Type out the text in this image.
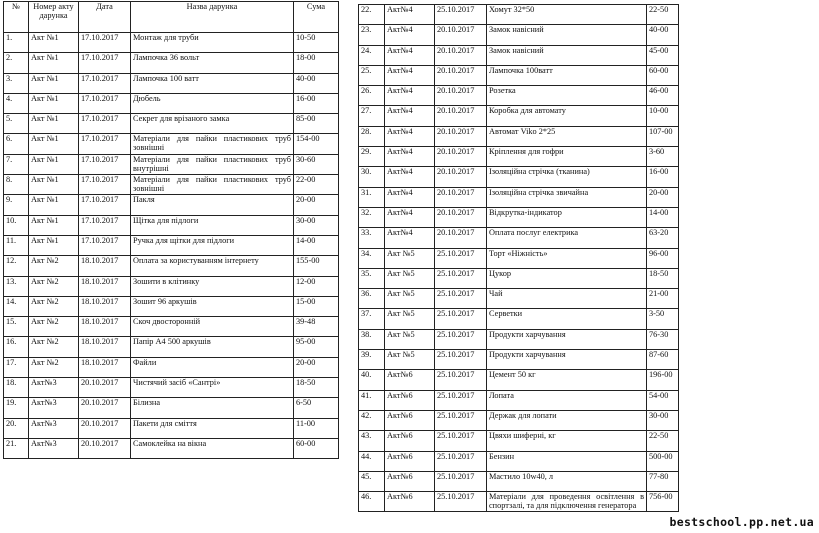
№	Номер акту дарунка	Дата	Назва дарунка	Сума
1.	Акт №1	17.10.2017	Монтаж для труби	10-50
2.	Акт №1	17.10.2017	Лампочка 36 вольт	18-00
3.	Акт №1	17.10.2017	Лампочка 100 ватт	40-00
4.	Акт №1	17.10.2017	Дюбель	16-00
5.	Акт №1	17.10.2017	Секрет для врізаного замка	85-00
6.	Акт №1	17.10.2017	Матеріали для пайки пластикових труб зовнішні	154-00
7.	Акт №1	17.10.2017	Матеріали для пайки пластикових труб внутрішні	30-60
8.	Акт №1	17.10.2017	Матеріали для пайки пластикових труб зовнішні	22-00
9.	Акт №1	17.10.2017	Пакля	20-00
10.	Акт №1	17.10.2017	Щітка для підлоги	30-00
11.	Акт №1	17.10.2017	Ручка для щітки для підлоги	14-00
12.	Акт №2	18.10.2017	Оплата за користуванням інтернету	155-00
13.	Акт №2	18.10.2017	Зошити в клітинку	12-00
14.	Акт №2	18.10.2017	Зошит 96 аркушів	15-00
15.	Акт №2	18.10.2017	Скоч двосторонній	39-48
16.	Акт №2	18.10.2017	Папір А4 500 аркушів	95-00
17.	Акт №2	18.10.2017	Файли	20-00
18.	Акт№3	20.10.2017	Чистячий засіб «Сантрі»	18-50
19.	Акт№3	20.10.2017	Білизна	6-50
20.	Акт№3	20.10.2017	Пакети для сміття	11-00
21.	Акт№3	20.10.2017	Самоклейка на вікна	60-00
22.	Акт№4	25.10.2017	Хомут 32*50	22-50
23.	Акт№4	20.10.2017	Замок навісний	40-00
24.	Акт№4	20.10.2017	Замок навісний	45-00
25.	Акт№4	20.10.2017	Лампочка 100ватт	60-00
26.	Акт№4	20.10.2017	Розетка	46-00
27.	Акт№4	20.10.2017	Коробка для автомату	10-00
28.	Акт№4	20.10.2017	Автомат Viko 2*25	107-00
29.	Акт№4	20.10.2017	Кріплення для гофри	3-60
30.	Акт№4	20.10.2017	Ізоляційна стрічка (тканина)	16-00
31.	Акт№4	20.10.2017	Ізоляційна стрічка звичайна	20-00
32.	Акт№4	20.10.2017	Відкрутка-індикатор	14-00
33.	Акт№4	20.10.2017	Оплата послуг електрика	63-20
34.	Акт №5	25.10.2017	Торт «Ніжність»	96-00
35.	Акт №5	25.10.2017	Цукор	18-50
36.	Акт №5	25.10.2017	Чай	21-00
37.	Акт №5	25.10.2017	Серветки	3-50
38.	Акт №5	25.10.2017	Продукти харчування	76-30
39.	Акт №5	25.10.2017	Продукти харчування	87-60
40.	Акт№6	25.10.2017	Цемент 50 кг	196-00
41.	Акт№6	25.10.2017	Лопата	54-00
42.	Акт№6	25.10.2017	Держак для лопати	30-00
43.	Акт№6	25.10.2017	Цвяхи шиферні, кг	22-50
44.	Акт№6	25.10.2017	Бензин	500-00
45.	Акт№6	25.10.2017	Мастило 10w40, л	77-80
46.	Акт№6	25.10.2017	Матеріали для проведення освітлення в спортзалі, та для підключення генератора	756-00
bestschool.pp.net.ua
